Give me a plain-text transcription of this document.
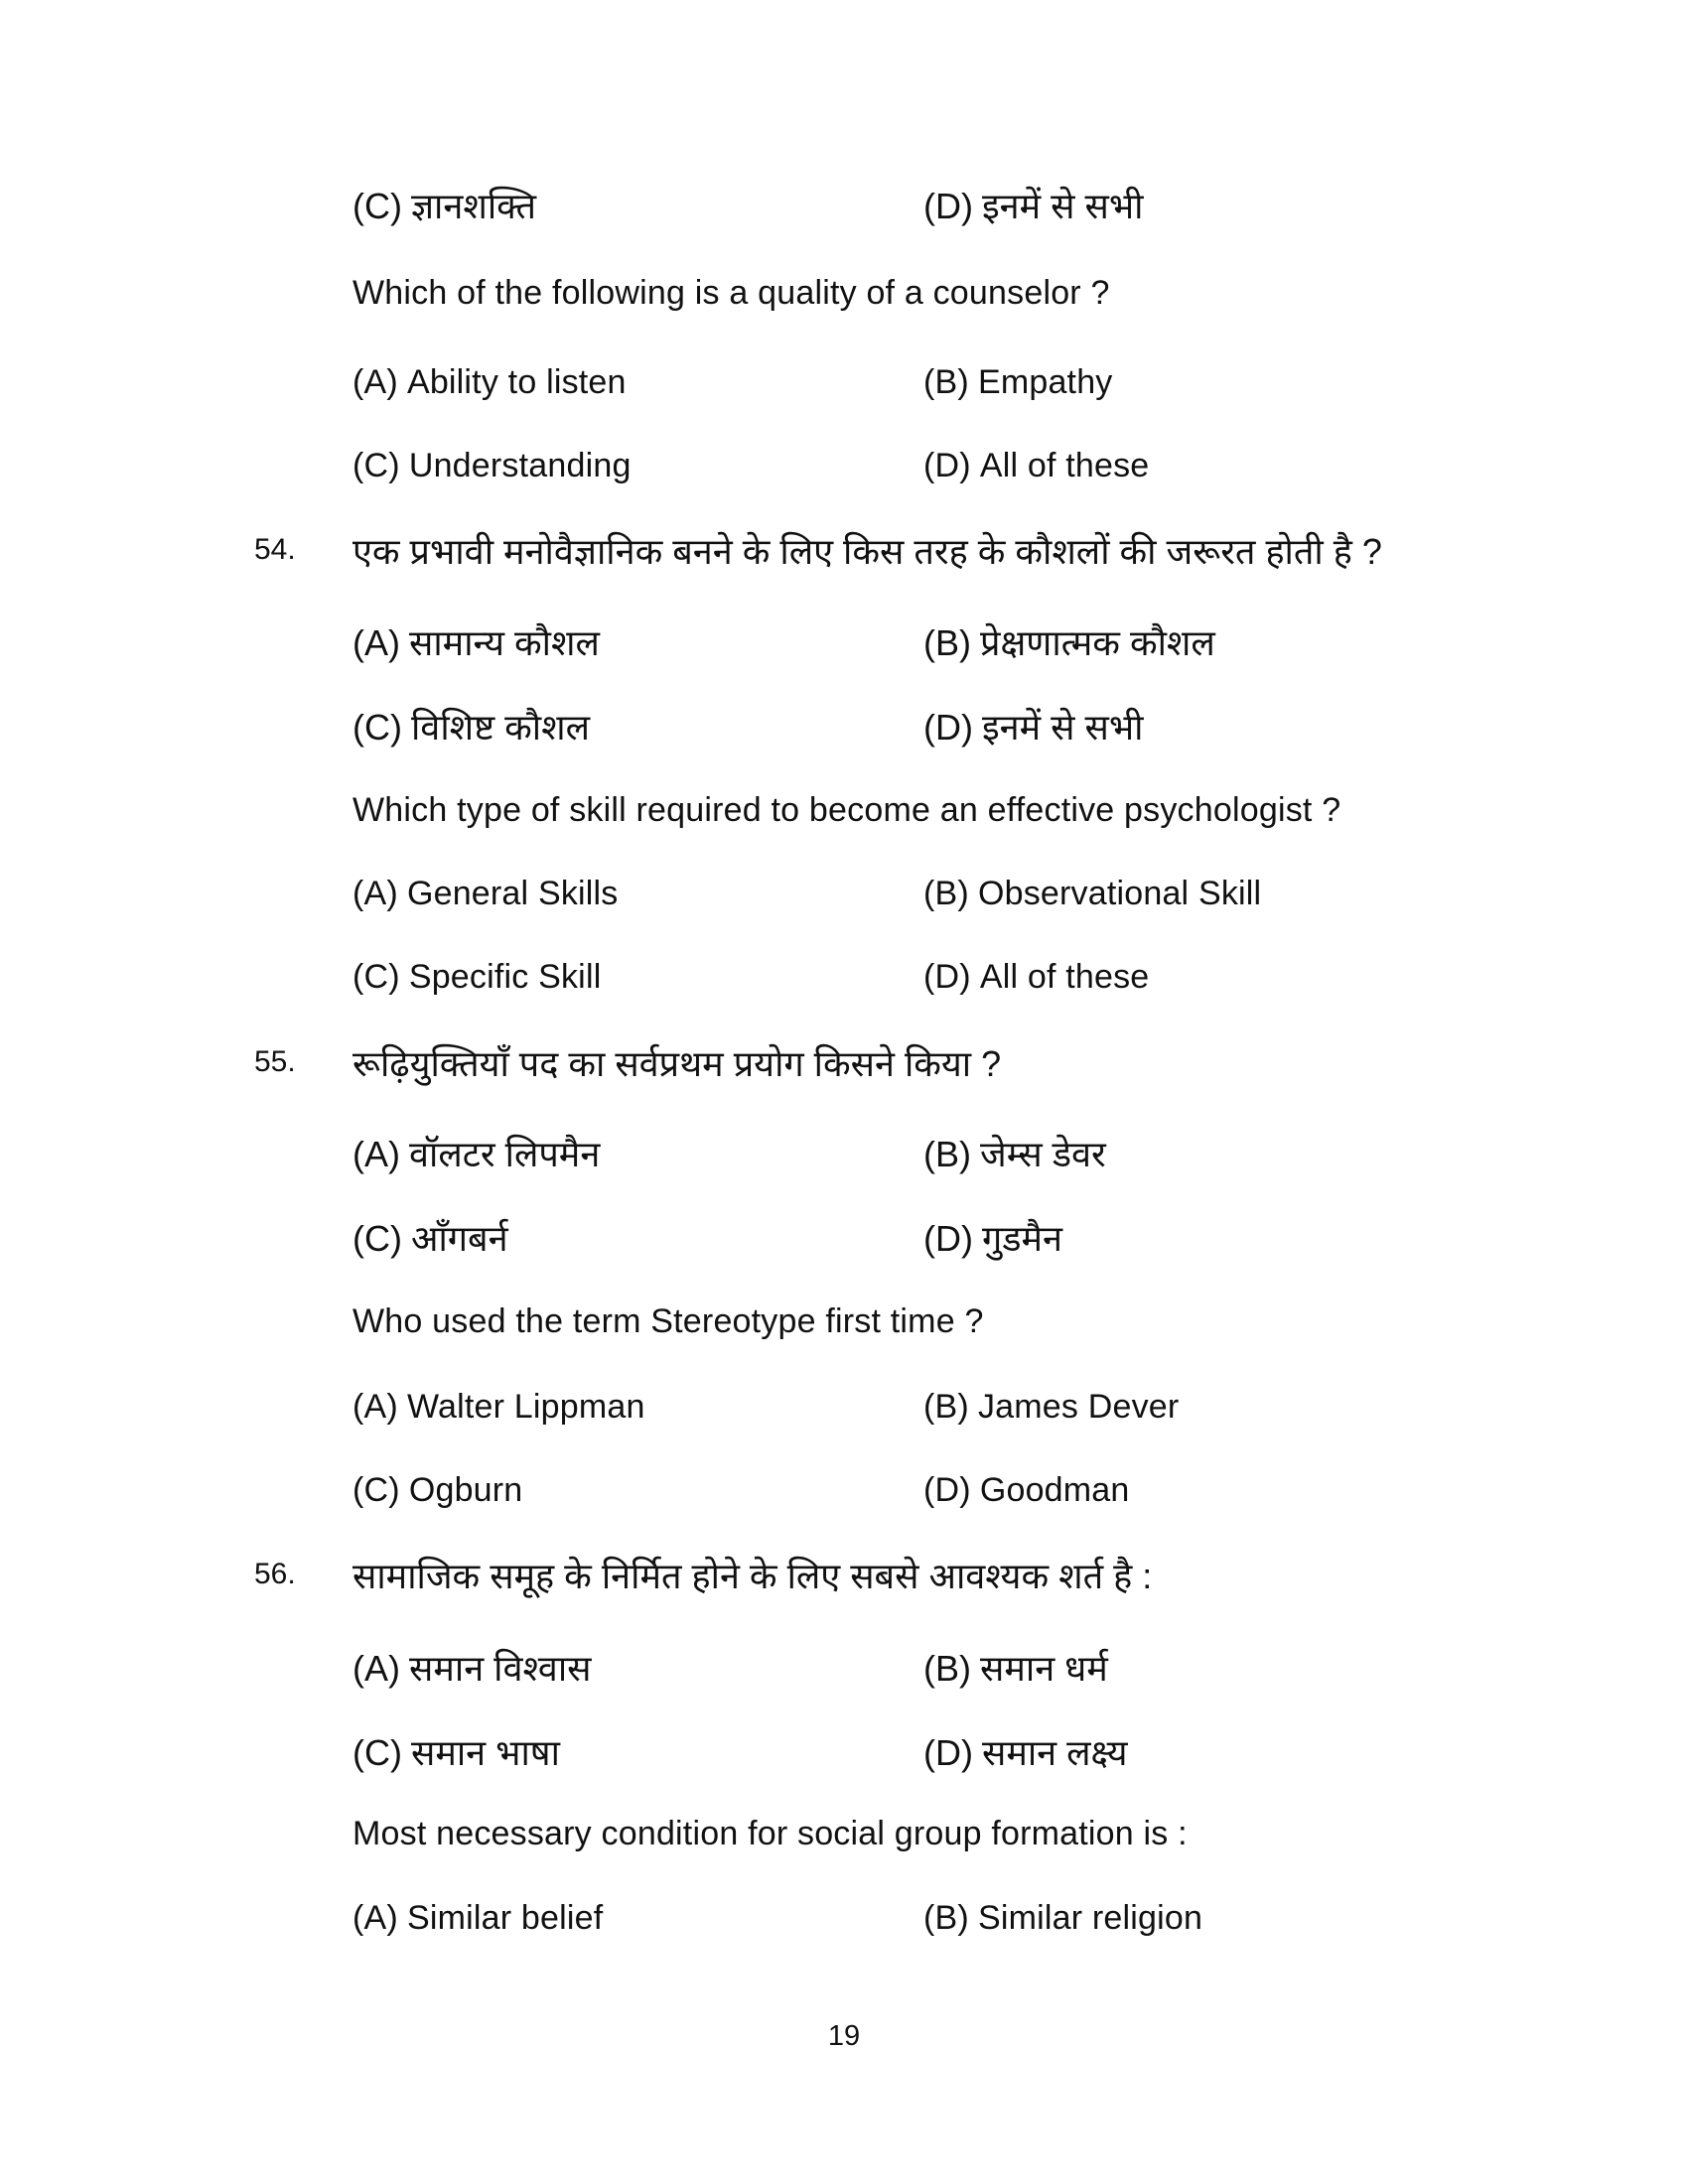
(C) ज्ञानशक्ति	(D) इनमें से सभी
Which of the following is a quality of a counselor ?
(A) Ability to listen	(B) Empathy
(C) Understanding	(D) All of these
54. एक प्रभावी मनोवैज्ञानिक बनने के लिए किस तरह के कौशलों की जरूरत होती है ?
(A) सामान्य कौशल	(B) प्रेक्षणात्मक कौशल
(C) विशिष्ट कौशल	(D) इनमें से सभी
Which type of skill required to become an effective psychologist ?
(A) General Skills	(B) Observational Skill
(C) Specific Skill	(D) All of these
55. रूढ़ियुक्तियाँ पद का सर्वप्रथम प्रयोग किसने किया ?
(A) वॉलटर लिपमैन	(B) जेम्स डेवर
(C) आँगबर्न	(D) गुडमैन
Who used the term Stereotype first time ?
(A) Walter Lippman	(B) James Dever
(C) Ogburn	(D) Goodman
56. सामाजिक समूह के निर्मित होने के लिए सबसे आवश्यक शर्त है :
(A) समान विश्वास	(B) समान धर्म
(C) समान भाषा	(D) समान लक्ष्य
Most necessary condition for social group formation is :
(A) Similar belief	(B) Similar religion
19
